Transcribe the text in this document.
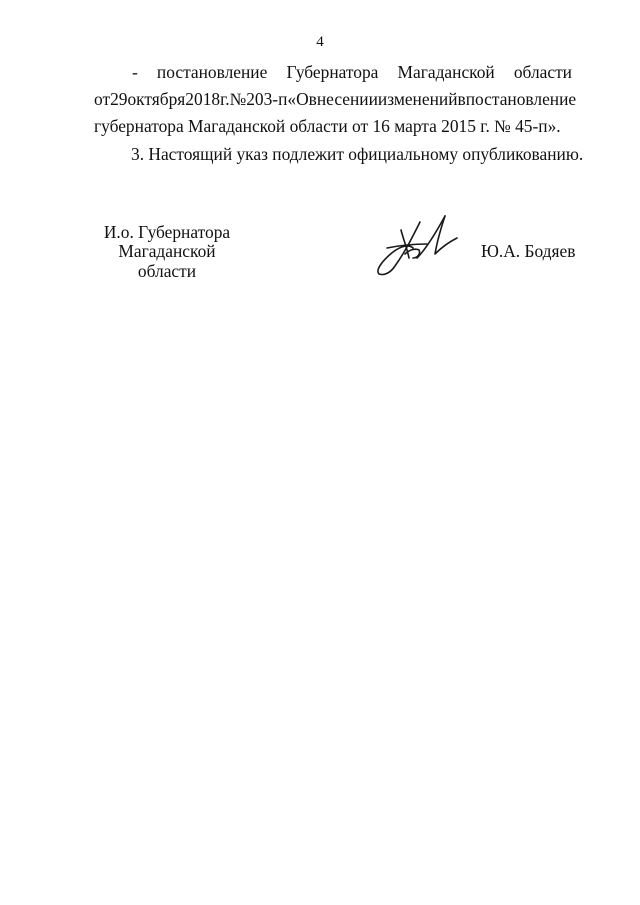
4
- постановление Губернатора Магаданской области
от 29 октября 2018 г. № 203-п «О внесении изменений в постановление
губернатора Магаданской области от 16 марта 2015 г. № 45-п».
3. Настоящий указ подлежит официальному опубликованию.
И.о. Губернатора
Магаданской области
Ю.А. Бодяев
